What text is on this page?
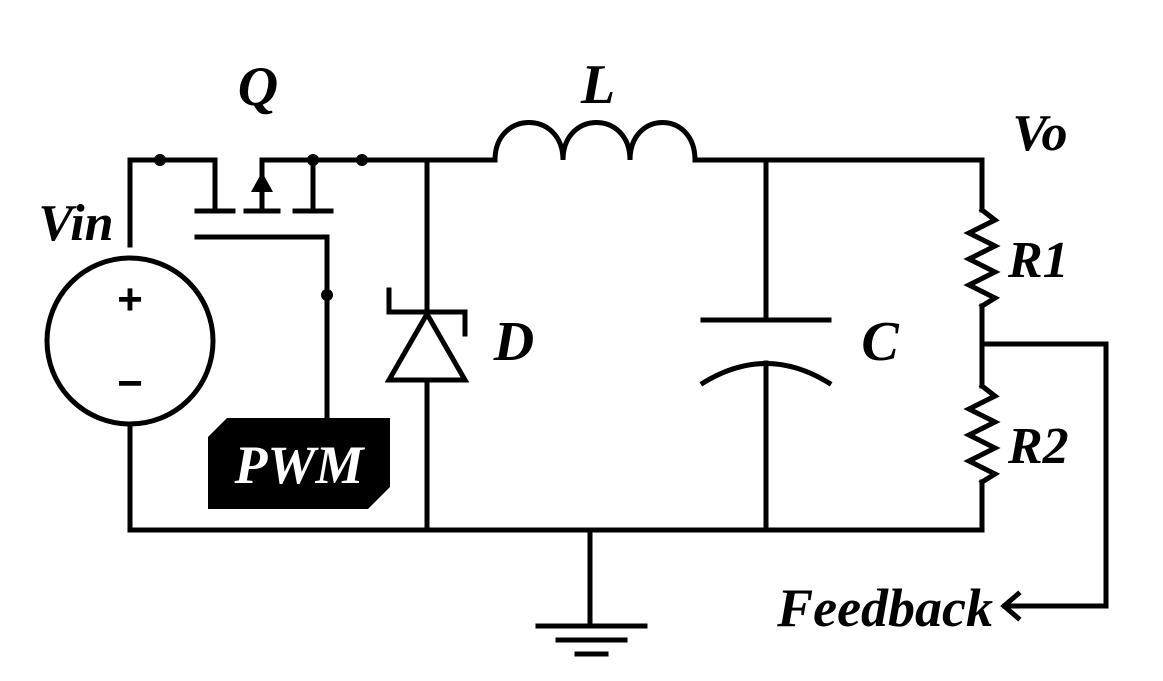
+
−
PWM
Q	L
Vo
Vin
R1
R2
D	C
Feedback
